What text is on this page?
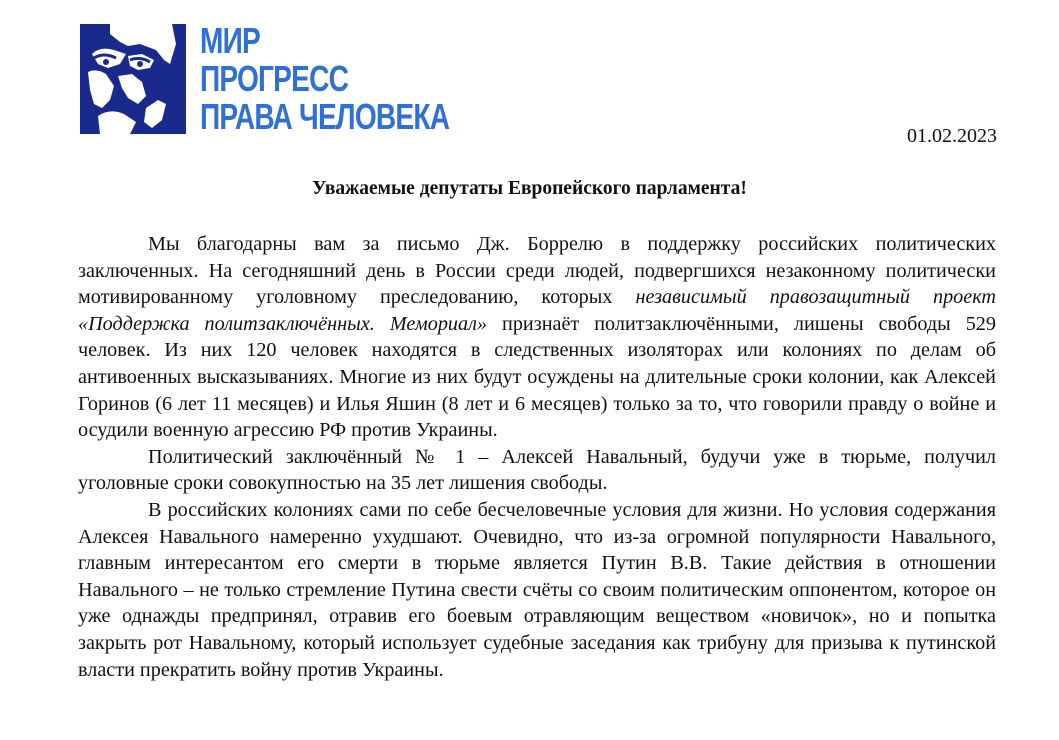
МИР
ПРОГРЕСС
ПРАВА ЧЕЛОВЕКА	01.02.2023
Уважаемые депутаты Европейского парламента!

Мы благодарны вам за письмо Дж. Боррелю в поддержку российских политических заключенных. На сегодняшний день в России среди людей, подвергшихся незаконному политически мотивированному уголовному преследованию, которых независимый правозащитный проект «Поддержка политзаключённых. Мемориал» признаёт политзаключёнными, лишены свободы 529 человек. Из них 120 человек находятся в следственных изоляторах или колониях по делам об антивоенных высказываниях. Многие из них будут осуждены на длительные сроки колонии, как Алексей Горинов (6 лет 11 месяцев) и Илья Яшин (8 лет и 6 месяцев) только за то, что говорили правду о войне и осудили военную агрессию РФ против Украины.

Политический заключённый № 1 – Алексей Навальный, будучи уже в тюрьме, получил уголовные сроки совокупностью на 35 лет лишения свободы.

В российских колониях сами по себе бесчеловечные условия для жизни. Но условия содержания Алексея Навального намеренно ухудшают. Очевидно, что из-за огромной популярности Навального, главным интересантом его смерти в тюрьме является Путин В.В. Такие действия в отношении Навального – не только стремление Путина свести счёты со своим политическим оппонентом, которое он уже однажды предпринял, отравив его боевым отравляющим веществом «новичок», но и попытка закрыть рот Навальному, который использует судебные заседания как трибуну для призыва к путинской власти прекратить войну против Украины.
